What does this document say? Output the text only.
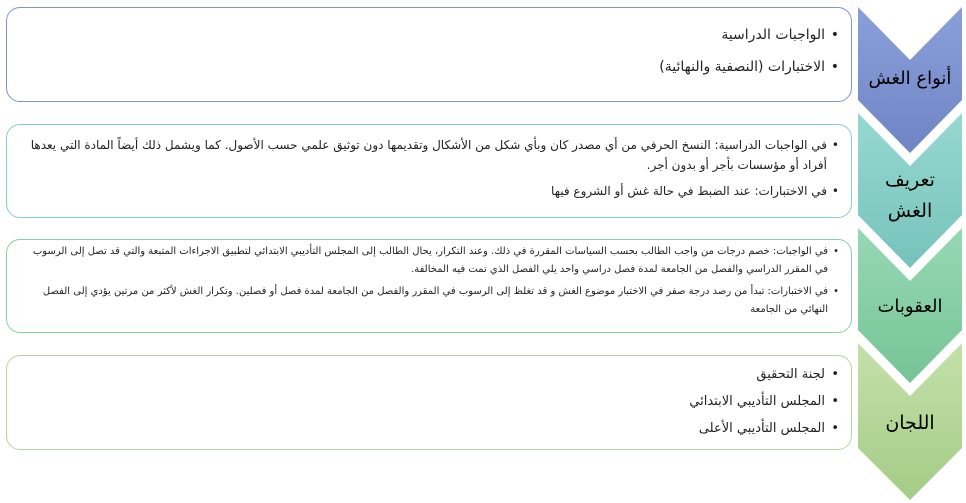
• الواجبات الدراسية
• الاختبارات (النصفية والنهائية)
• في الواجبات الدراسية: النسخ الحرفي من أي مصدر كان وبأي شكل من الأشكال وتقديمها دون توثيق علمي حسب الأصول. كما ويشمل ذلك أيضاً المادة التي يعدها أفراد أو مؤسسات بأجر أو بدون أجر.
• في الاختبارات: عند الضبط في حالة غش أو الشروع فيها
• في الواجبات: خصم درجات من واجب الطالب بحسب السياسات المقررة في ذلك. وعند التكرار، يحال الطالب إلى المجلس التأديبي الابتدائي لتطبيق الاجراءات المتبعة والتي قد تصل إلى الرسوب في المقرر الدراسي والفصل من الجامعة لمدة فصل دراسي واحد يلي الفصل الذي تمت فيه المخالفة.
• في الاختبارات: تبدأ من رصد درجة صفر في الاختبار موضوع الغش و قد تغلظ إلى الرسوب في المقرر والفصل من الجامعة لمدة فصل أو فصلين. وتكرار الغش لأكثر من مرتين يؤدي إلى الفصل النهائي من الجامعة
• لجنة التحقيق
• المجلس التأديبي الابتدائي
• المجلس التأديبي الأعلى
أنواع الغش
تعريف الغش
العقوبات
اللجان
